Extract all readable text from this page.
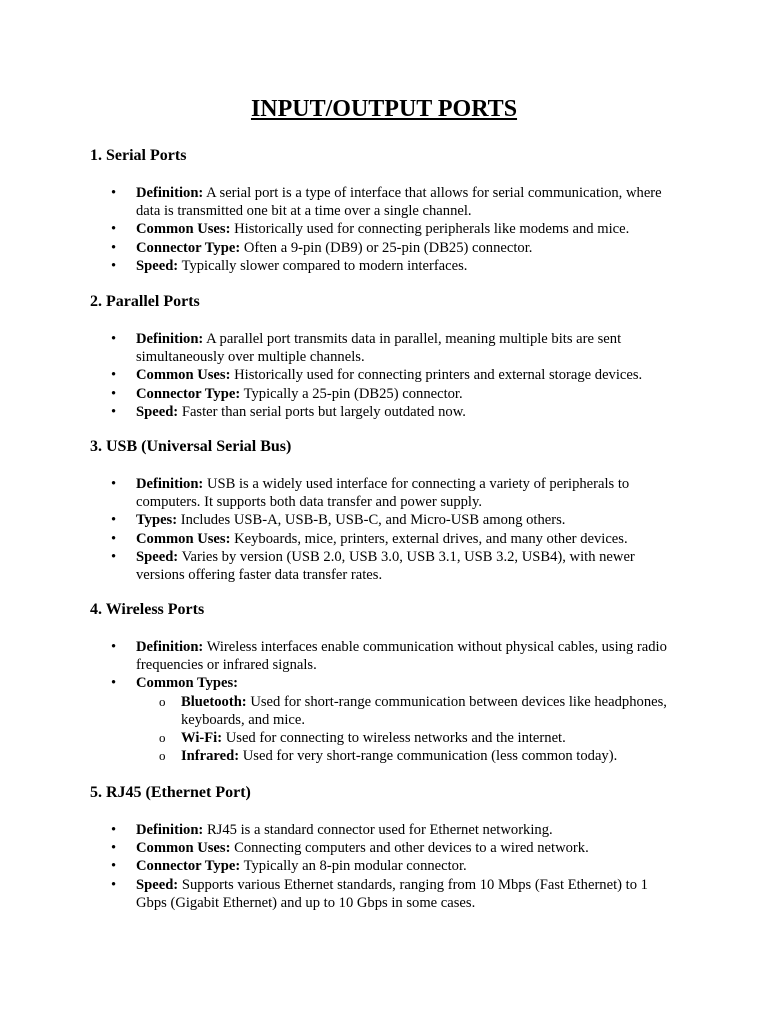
INPUT/OUTPUT PORTS
1. Serial Ports
• Definition: A serial port is a type of interface that allows for serial communication, where data is transmitted one bit at a time over a single channel.
• Common Uses: Historically used for connecting peripherals like modems and mice.
• Connector Type: Often a 9-pin (DB9) or 25-pin (DB25) connector.
• Speed: Typically slower compared to modern interfaces.
2. Parallel Ports
• Definition: A parallel port transmits data in parallel, meaning multiple bits are sent simultaneously over multiple channels.
• Common Uses: Historically used for connecting printers and external storage devices.
• Connector Type: Typically a 25-pin (DB25) connector.
• Speed: Faster than serial ports but largely outdated now.
3. USB (Universal Serial Bus)
• Definition: USB is a widely used interface for connecting a variety of peripherals to computers. It supports both data transfer and power supply.
• Types: Includes USB-A, USB-B, USB-C, and Micro-USB among others.
• Common Uses: Keyboards, mice, printers, external drives, and many other devices.
• Speed: Varies by version (USB 2.0, USB 3.0, USB 3.1, USB 3.2, USB4), with newer versions offering faster data transfer rates.
4. Wireless Ports
• Definition: Wireless interfaces enable communication without physical cables, using radio frequencies or infrared signals.
• Common Types:
o Bluetooth: Used for short-range communication between devices like headphones, keyboards, and mice.
o Wi-Fi: Used for connecting to wireless networks and the internet.
o Infrared: Used for very short-range communication (less common today).
5. RJ45 (Ethernet Port)
• Definition: RJ45 is a standard connector used for Ethernet networking.
• Common Uses: Connecting computers and other devices to a wired network.
• Connector Type: Typically an 8-pin modular connector.
• Speed: Supports various Ethernet standards, ranging from 10 Mbps (Fast Ethernet) to 1 Gbps (Gigabit Ethernet) and up to 10 Gbps in some cases.
